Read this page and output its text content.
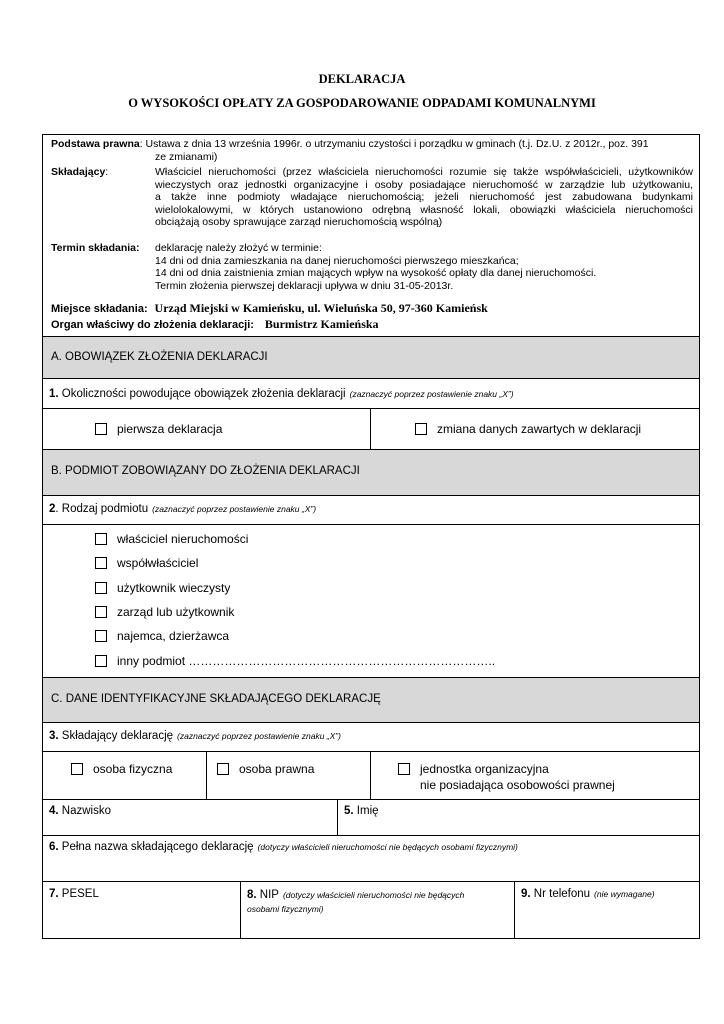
DEKLARACJA
O WYSOKOŚCI OPŁATY ZA GOSPODAROWANIE ODPADAMI KOMUNALNYMI
Podstawa prawna: Ustawa z dnia 13 września 1996r. o utrzymaniu czystości i porządku w gminach (t.j. Dz.U. z 2012r., poz. 391
ze zmianami)
Składający:	Właściciel nieruchomości (przez właściciela nieruchomości rozumie się także współwłaścicieli, użytkowników
wieczystych oraz jednostki organizacyjne i osoby posiadające nieruchomość w zarządzie lub użytkowaniu,
a także inne podmioty władające nieruchomością; jeżeli nieruchomość jest zabudowana budynkami
wielolokalowymi, w których ustanowiono odrębną własność lokali, obowiązki właściciela nieruchomości
obciążają osoby sprawujące zarząd nieruchomością wspólną)
Termin składania: deklarację należy złożyć w terminie:
14 dni od dnia zamieszkania na danej nieruchomości pierwszego mieszkańca;
14 dni od dnia zaistnienia zmian mających wpływ na wysokość opłaty dla danej nieruchomości.
Termin złożenia pierwszej deklaracji upływa w dniu 31-05-2013r.
Miejsce składania: Urząd Miejski w Kamieńsku, ul. Wieluńska 50, 97-360 Kamieńsk
Organ właściwy do złożenia deklaracji: Burmistrz Kamieńska
A. OBOWIĄZEK ZŁOŻENIA DEKLARACJI
1. Okoliczności powodujące obowiązek złożenia deklaracji (zaznaczyć poprzez postawienie znaku „X”)
pierwsza deklaracja	zmiana danych zawartych w deklaracji
B. PODMIOT ZOBOWIĄZANY DO ZŁOŻENIA DEKLARACJI
2. Rodzaj podmiotu (zaznaczyć poprzez postawienie znaku „X”)
właściciel nieruchomości
współwłaściciel
użytkownik wieczysty
zarząd lub użytkownik
najemca, dzierżawca
inny podmiot …………………………………………………………………..
C. DANE IDENTYFIKACYJNE SKŁADAJĄCEGO DEKLARACJĘ
3. Składający deklarację (zaznaczyć poprzez postawienie znaku „X”)
osoba fizyczna	osoba prawna	jednostka organizacyjna
nie posiadająca osobowości prawnej
4. Nazwisko	5. Imię
6. Pełna nazwa składającego deklarację (dotyczy właścicieli nieruchomości nie będących osobami fizycznymi)
7. PESEL	8. NIP (dotyczy właścicieli nieruchomości nie będących
osobami fizycznymi)
9. Nr telefonu (nie wymagane)
